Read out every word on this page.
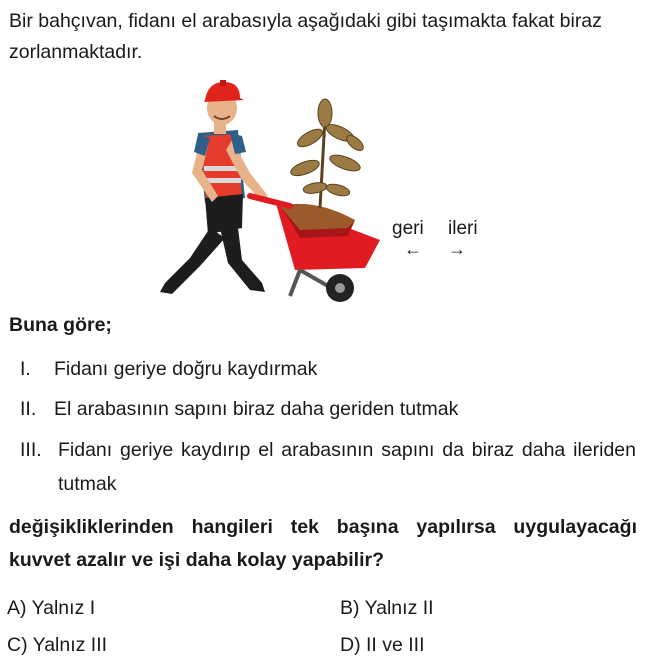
Bir bahçıvan, fidanı el arabasıyla aşağıdaki gibi taşımakta fakat biraz zorlanmaktadır.
geri ileri
← →
Buna göre;
I. Fidanı geriye doğru kaydırmak
II. El arabasının sapını biraz daha geriden tutmak
III. Fidanı geriye kaydırıp el arabasının sapını da biraz daha ileriden tutmak
değişikliklerinden hangileri tek başına yapılırsa uygulayacağı kuvvet azalır ve işi daha kolay yapabilir?
A) Yalnız I	B) Yalnız II
C) Yalnız III	D) II ve III
